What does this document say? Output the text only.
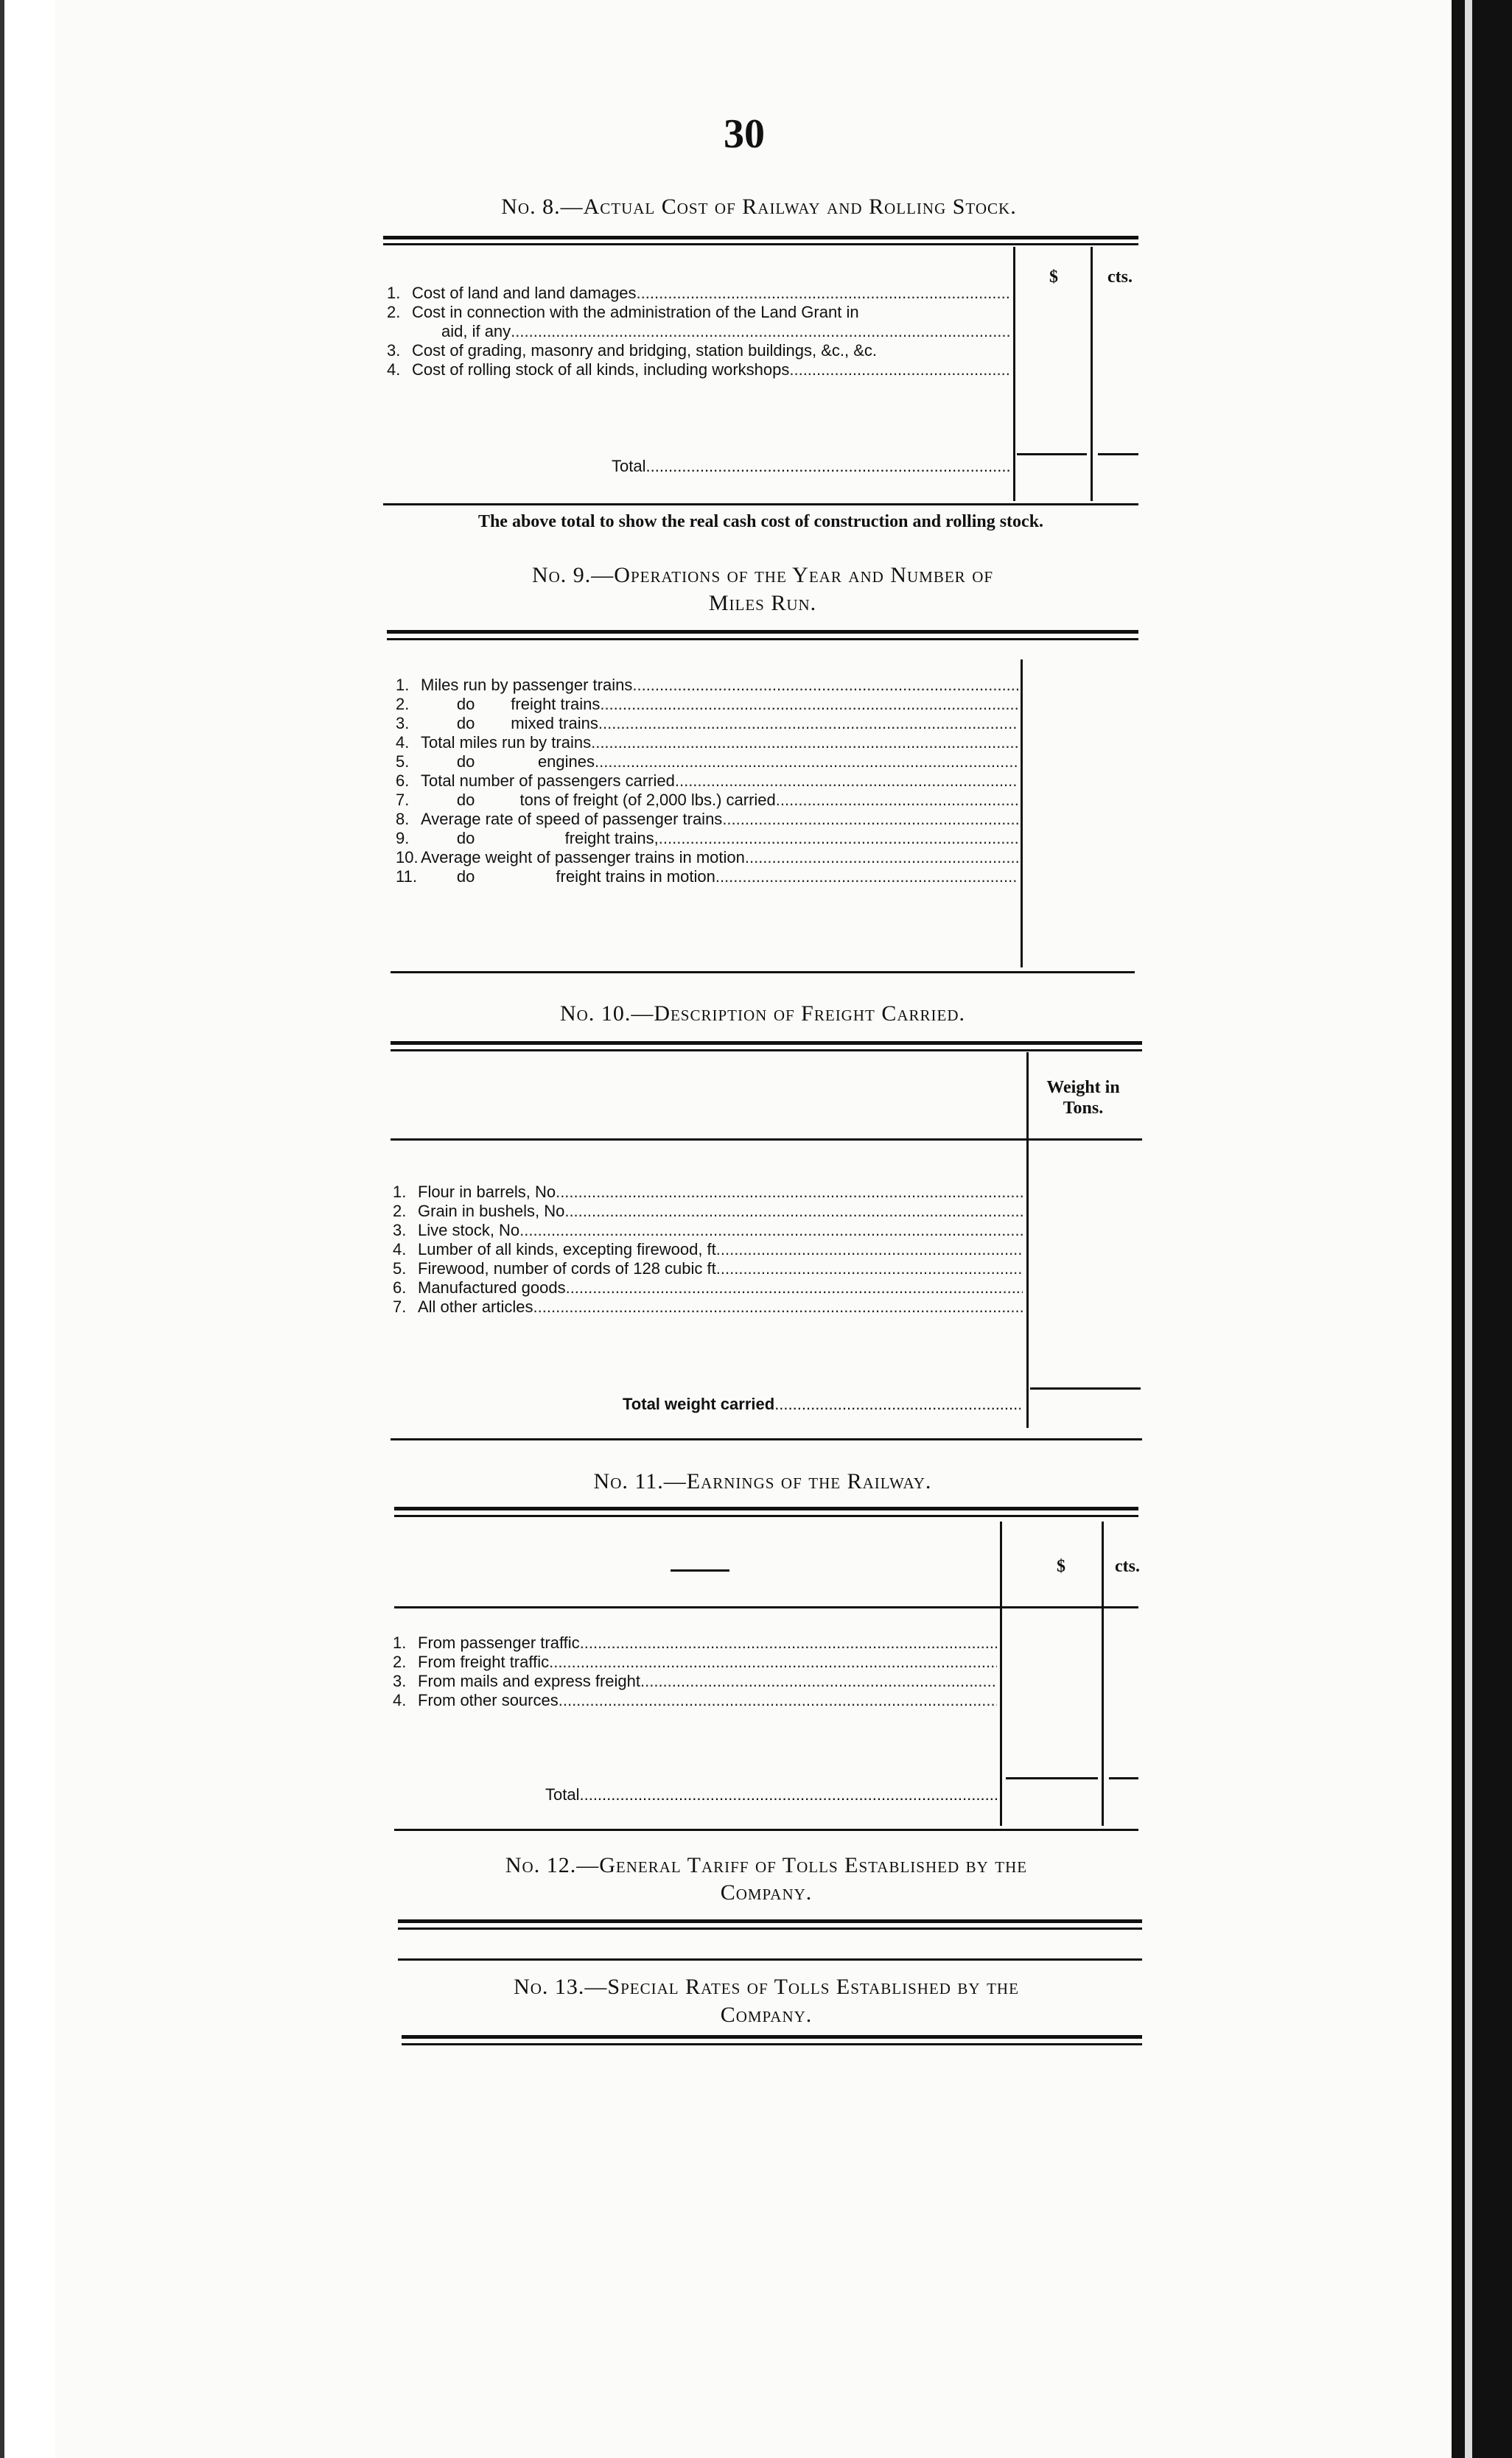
30
No. 8.—Actual Cost of Railway and Rolling Stock.
$	cts.
1. Cost of land and land damages
.....
2. Cost in connection with the administration of the Land Grant in
aid, if any
.....
3. Cost of grading, masonry and bridging, station buildings, &c., &c.
4. Cost of rolling stock of all kinds, including workshops
.....
Total
.....
The above total to show the real cash cost of construction and rolling stock.
No. 9.—Operations of the Year and Number of
Miles Run.
1. Miles run by passenger trains
.....
2. do        freight trains
.....
3. do        mixed trains
.....
4. Total miles run by trains
.....
5. do              engines
.....
6. Total number of passengers carried
.....
7. do          tons of freight (of 2,000 lbs.) carried
.....
8. Average rate of speed of passenger trains
.....
9. do                    freight trains,
.....
10. Average weight of passenger trains in motion
.....
11. do                  freight trains in motion
.....
No. 10.—Description of Freight Carried.
Weight in Tons.
1. Flour in barrels, No
.....
2. Grain in bushels, No
.....
3. Live stock, No
.....
4. Lumber of all kinds, excepting firewood, ft
.....
5. Firewood, number of cords of 128 cubic ft
.....
6. Manufactured goods
.....
7. All other articles
.....
Total weight carried
.....
No. 11.—Earnings of the Railway.
$	cts.
1. From passenger traffic
.....
2. From freight traffic
.....
3. From mails and express freight
.....
4. From other sources
.....
Total
.....
No. 12.—General Tariff of Tolls Established by the
Company.
No. 13.—Special Rates of Tolls Established by the
Company.
